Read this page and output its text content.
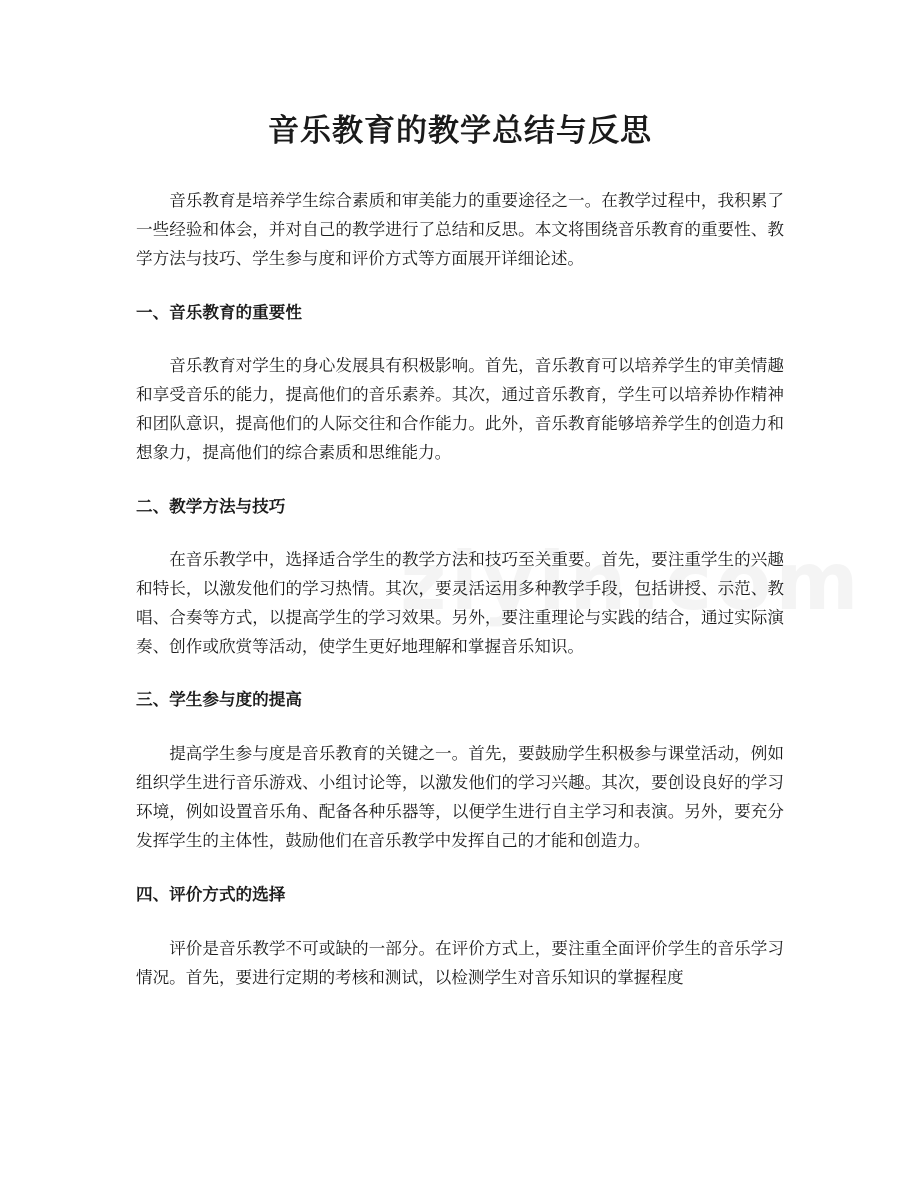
音乐教育的教学总结与反思

音乐教育是培养学生综合素质和审美能力的重要途径之一。在教学过程中，我积累了一些经验和体会，并对自己的教学进行了总结和反思。本文将围绕音乐教育的重要性、教学方法与技巧、学生参与度和评价方式等方面展开详细论述。

一、音乐教育的重要性

音乐教育对学生的身心发展具有积极影响。首先，音乐教育可以培养学生的审美情趣和享受音乐的能力，提高他们的音乐素养。其次，通过音乐教育，学生可以培养协作精神和团队意识，提高他们的人际交往和合作能力。此外，音乐教育能够培养学生的创造力和想象力，提高他们的综合素质和思维能力。

二、教学方法与技巧

在音乐教学中，选择适合学生的教学方法和技巧至关重要。首先，要注重学生的兴趣和特长，以激发他们的学习热情。其次，要灵活运用多种教学手段，包括讲授、示范、教唱、合奏等方式，以提高学生的学习效果。另外，要注重理论与实践的结合，通过实际演奏、创作或欣赏等活动，使学生更好地理解和掌握音乐知识。

三、学生参与度的提高

提高学生参与度是音乐教育的关键之一。首先，要鼓励学生积极参与课堂活动，例如组织学生进行音乐游戏、小组讨论等，以激发他们的学习兴趣。其次，要创设良好的学习环境，例如设置音乐角、配备各种乐器等，以便学生进行自主学习和表演。另外，要充分发挥学生的主体性，鼓励他们在音乐教学中发挥自己的才能和创造力。

四、评价方式的选择

评价是音乐教学不可或缺的一部分。在评价方式上，要注重全面评价学生的音乐学习情况。首先，要进行定期的考核和测试，以检测学生对音乐知识的掌握程度
